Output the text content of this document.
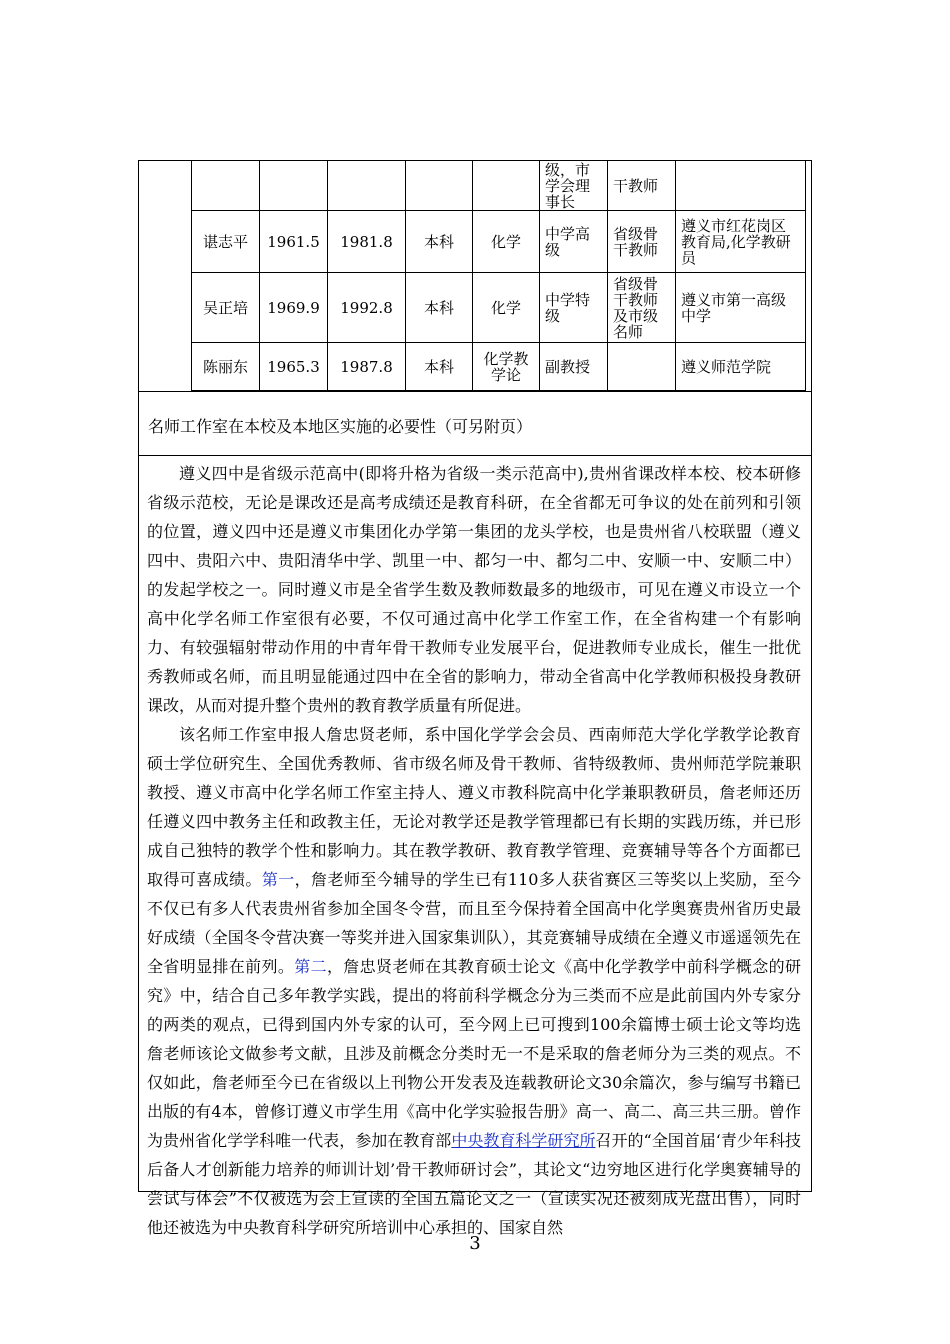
					级，市学会理事长	干教师	
谌志平	1961.5	1981.8	本科	化学	中学高级	省级骨干教师	遵义市红花岗区教育局,化学教研员
吴正培	1969.9	1992.8	本科	化学	中学特级	省级骨干教师及市级名师	遵义市第一高级中学
陈丽东	1965.3	1987.8	本科	化学教学论	副教授		遵义师范学院
名师工作室在本校及本地区实施的必要性（可另附页）

遵义四中是省级示范高中(即将升格为省级一类示范高中),贵州省课改样本校、校本研修省级示范校，无论是课改还是高考成绩还是教育科研，在全省都无可争议的处在前列和引领的位置，遵义四中还是遵义市集团化办学第一集团的龙头学校，也是贵州省八校联盟（遵义四中、贵阳六中、贵阳清华中学、凯里一中、都匀一中、都匀二中、安顺一中、安顺二中）的发起学校之一。同时遵义市是全省学生数及教师数最多的地级市，可见在遵义市设立一个高中化学名师工作室很有必要，不仅可通过高中化学工作室工作，在全省构建一个有影响力、有较强辐射带动作用的中青年骨干教师专业发展平台，促进教师专业成长，催生一批优秀教师或名师，而且明显能通过四中在全省的影响力，带动全省高中化学教师积极投身教研课改，从而对提升整个贵州的教育教学质量有所促进。

该名师工作室申报人詹忠贤老师，系中国化学学会会员、西南师范大学化学教学论教育硕士学位研究生、全国优秀教师、省市级名师及骨干教师、省特级教师、贵州师范学院兼职教授、遵义市高中化学名师工作室主持人、遵义市教科院高中化学兼职教研员，詹老师还历任遵义四中教务主任和政教主任，无论对教学还是教学管理都已有长期的实践历练，并已形成自己独特的教学个性和影响力。其在教学教研、教育教学管理、竞赛辅导等各个方面都已取得可喜成绩。第一，詹老师至今辅导的学生已有110多人获省赛区三等奖以上奖励，至今不仅已有多人代表贵州省参加全国冬令营，而且至今保持着全国高中化学奥赛贵州省历史最好成绩（全国冬令营决赛一等奖并进入国家集训队），其竞赛辅导成绩在全遵义市遥遥领先在全省明显排在前列。第二，詹忠贤老师在其教育硕士论文《高中化学教学中前科学概念的研究》中，结合自己多年教学实践，提出的将前科学概念分为三类而不应是此前国内外专家分的两类的观点，已得到国内外专家的认可，至今网上已可搜到100余篇博士硕士论文等均选詹老师该论文做参考文献，且涉及前概念分类时无一不是采取的詹老师分为三类的观点。不仅如此，詹老师至今已在省级以上刊物公开发表及连载教研论文30余篇次，参与编写书籍已出版的有4本，曾修订遵义市学生用《高中化学实验报告册》高一、高二、高三共三册。曾作为贵州省化学学科唯一代表，参加在教育部中央教育科学研究所召开的“全国首届‘青少年科技后备人才创新能力培养的师训计划’骨干教师研讨会”，其论文“边穷地区进行化学奥赛辅导的尝试与体会”不仅被选为会上宣读的全国五篇论文之一（宣读实况还被刻成光盘出售），同时他还被选为中央教育科学研究所培训中心承担的、国家自然

3
